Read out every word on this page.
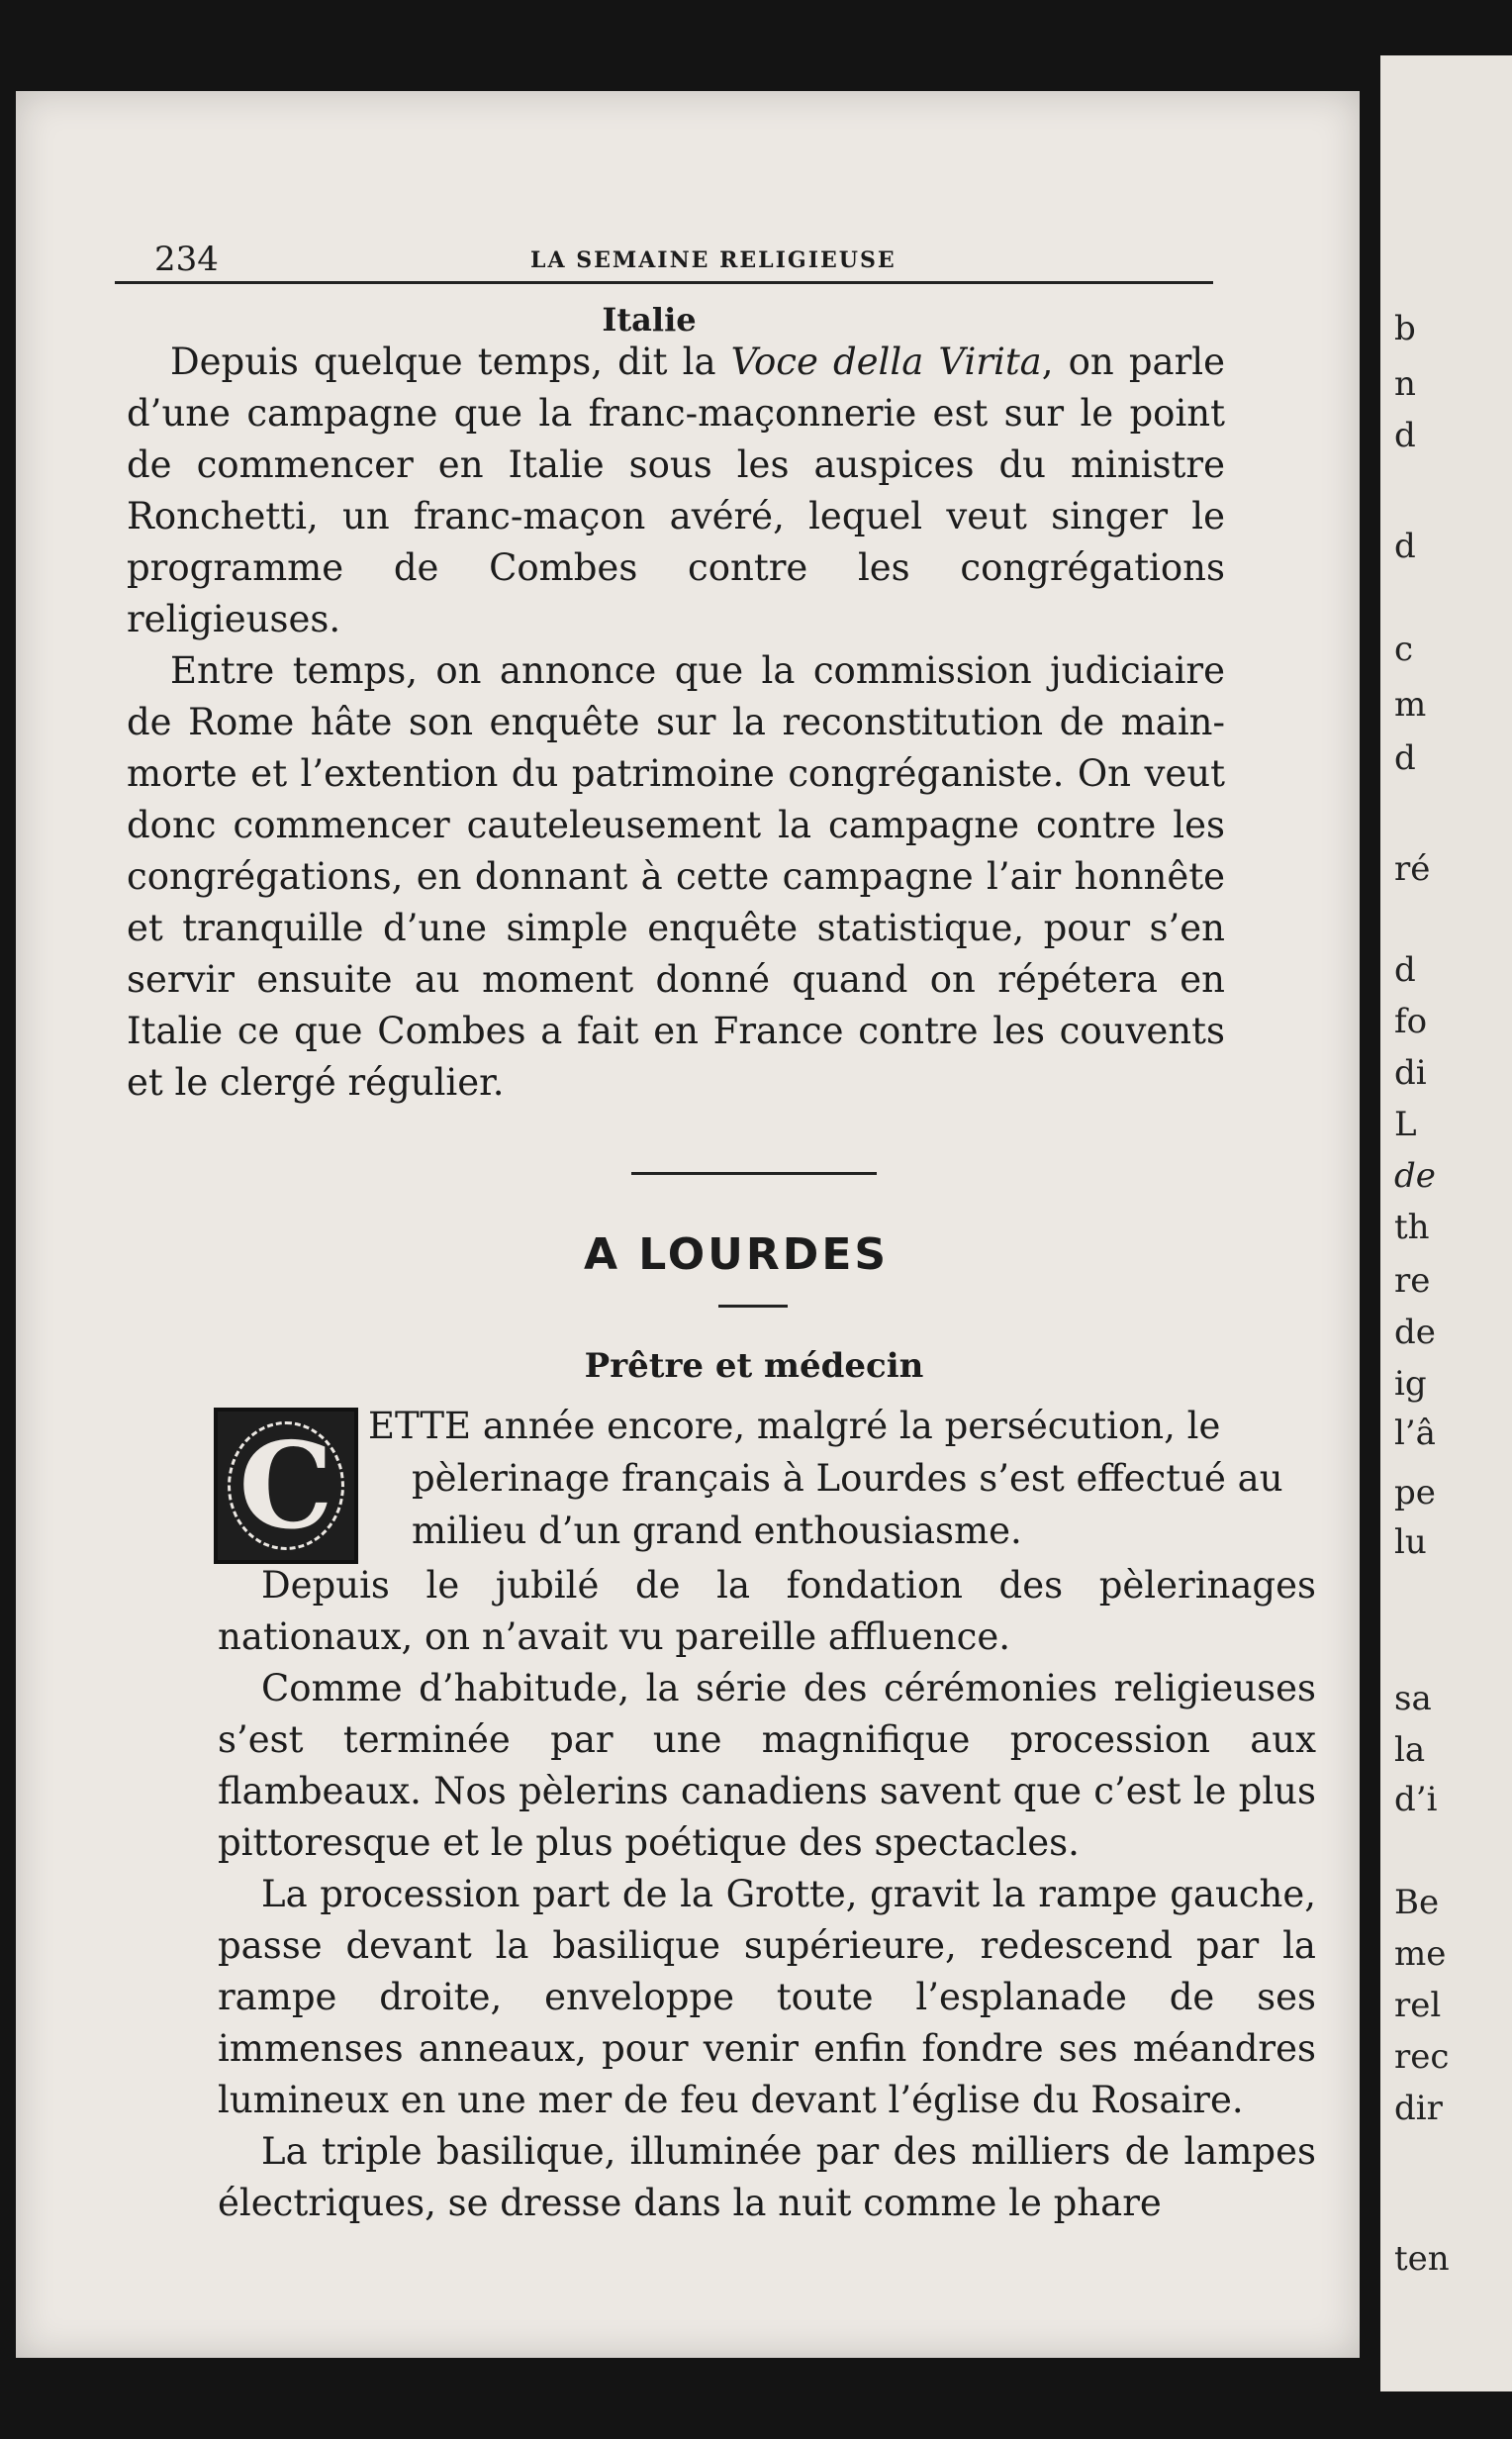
234	LA SEMAINE RELIGIEUSE
Italie

Depuis quelque temps, dit la Voce della Virita, on parle d’une campagne que la franc-maçonnerie est sur le point de commencer en Italie sous les auspices du ministre Ronchetti, un franc-maçon avéré, lequel veut singer le programme de Combes contre les congrégations religieuses.

Entre temps, on annonce que la commission judiciaire de Rome hâte son enquête sur la reconstitution de main-morte et l’extention du patrimoine congréganiste. On veut donc commencer cauteleusement la campagne contre les congrégations, en donnant à cette campagne l’air honnête et tranquille d’une simple enquête statistique, pour s’en servir ensuite au moment donné quand on répétera en Italie ce que Combes a fait en France contre les couvents et le clergé régulier.

A LOURDES
Prêtre et médecin
C ETTE année encore, malgré la persécution, le

pèlerinage français à Lourdes s’est effectué au

milieu d’un grand enthousiasme.

Depuis le jubilé de la fondation des pèlerinages nationaux, on n’avait vu pareille affluence.

Comme d’habitude, la série des cérémonies religieuses s’est terminée par une magnifique procession aux flambeaux. Nos pèlerins canadiens savent que c’est le plus pittoresque et le plus poétique des spectacles.

La procession part de la Grotte, gravit la rampe gauche, passe devant la basilique supérieure, redescend par la rampe droite, enveloppe toute l’esplanade de ses immenses anneaux, pour venir enfin fondre ses méandres lumineux en une mer de feu devant l’église du Rosaire.

La triple basilique, illuminée par des milliers de lampes électriques, se dresse dans la nuit comme le phare

b
n
d
d
c
m
d
ré
d
fo
di
L
de
th
re
de
ig
l’â
pe
lu
sa
la
d’i
Be
me
rel
rec
dir
ten
